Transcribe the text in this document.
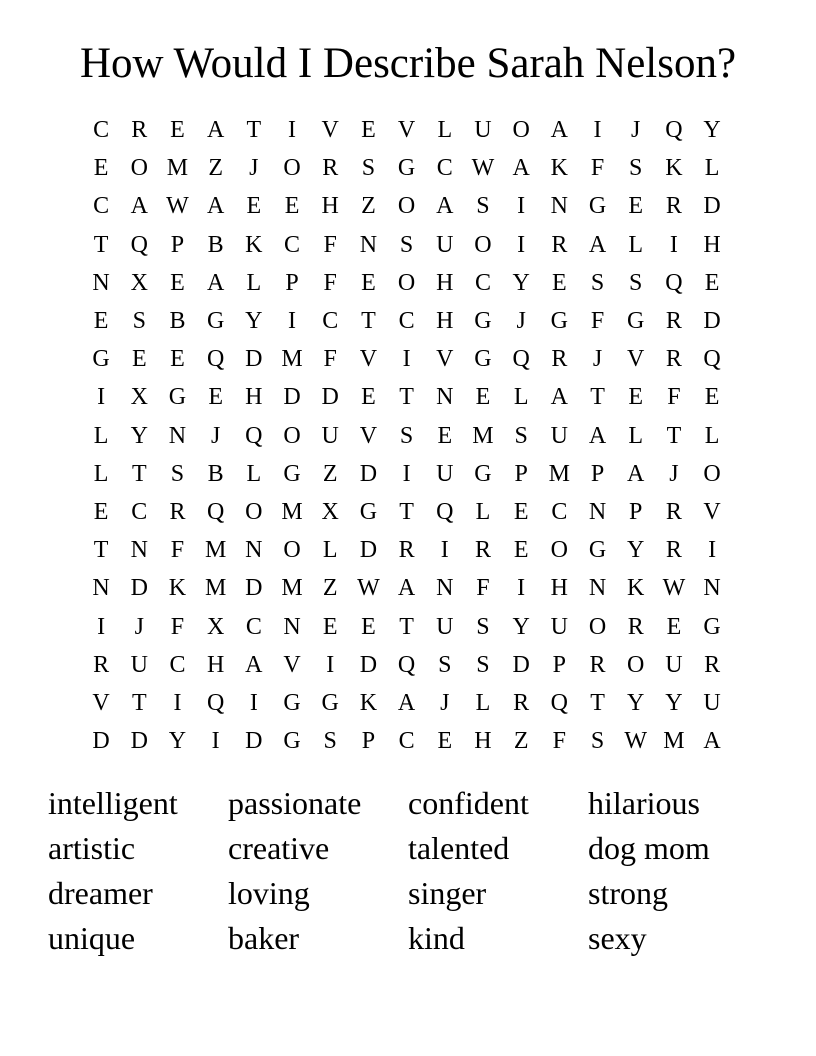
How Would I Describe Sarah Nelson?
C R E A T	I	V E V L U O A	I	J	Q Y
E O M Z	J	O R S G C W A K F	S K L
C A W A E E H Z O A S	I	N G E R D
T Q P B K C F N S U O	I	R A L	I	H
N X E A L	P	F	E O H C Y E	S	S Q E
E	S B G Y	I	C T C H G	J	G F G R D
G E E Q D M F V	I	V G Q R	J	V R Q
I	X G E H D D E T N E L A T E	F	E
L Y N	J	Q O U V S	E M S U A L T L
L T	S B L G Z D	I	U G P M P A	J	O
E C R Q O M X G T Q L E C N P R V
T N F M N O L D R	I	R E O G Y R	I
N D K M D M Z W A N F	I	H N K W N
I	J	F X C N E E T U S Y U O R E G
R U C H A V	I	D Q S	S D P R O U R
V T	I	Q	I	G G K A	J	L R Q T Y Y U
D D Y	I	D G S	P C E H Z	F	S W M A
intelligent	passionate	confident	hilarious
artistic	creative	talented	dog mom
dreamer	loving	singer	strong
unique	baker	kind	sexy
